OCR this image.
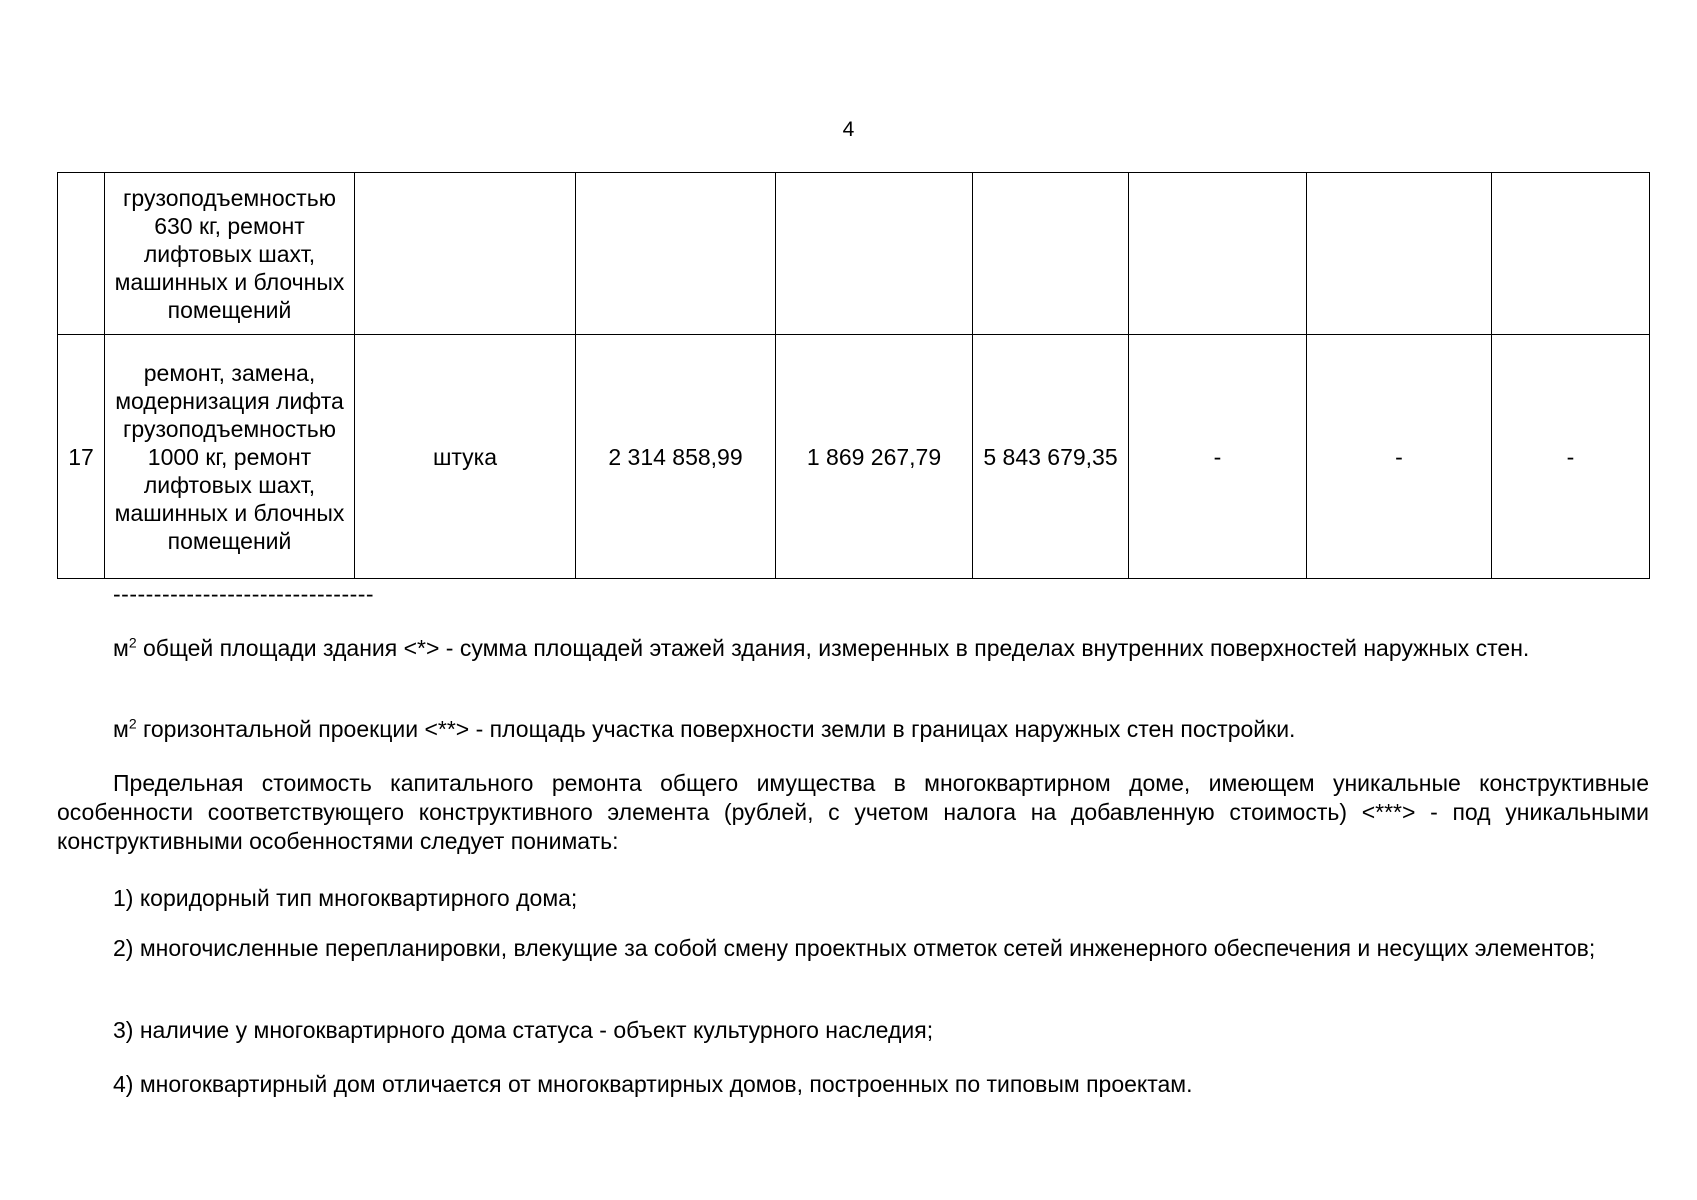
4
	грузоподъемностью 630 кг, ремонт лифтовых шахт, машинных и блочных помещений							
17	ремонт, замена, модернизация лифта грузоподъемностью 1000 кг, ремонт лифтовых шахт, машинных и блочных помещений	штука	2 314 858,99	1 869 267,79	5 843 679,35	-	-	-
--------------------------------

$м^2$ общей площади здания <*> - сумма площадей этажей здания, измеренных в пределах внутренних поверхностей наружных стен.

$м^2$ горизонтальной проекции <**> - площадь участка поверхности земли в границах наружных стен постройки.

Предельная стоимость капитального ремонта общего имущества в многоквартирном доме, имеющем уникальные конструктивные особенности соответствующего конструктивного элемента (рублей, с учетом налога на добавленную стоимость) <***> - под уникальными конструктивными особенностями следует понимать:

1) коридорный тип многоквартирного дома;

2) многочисленные перепланировки, влекущие за собой смену проектных отметок сетей инженерного обеспечения и несущих элементов;

3) наличие у многоквартирного дома статуса - объект культурного наследия;

4) многоквартирный дом отличается от многоквартирных домов, построенных по типовым проектам.
